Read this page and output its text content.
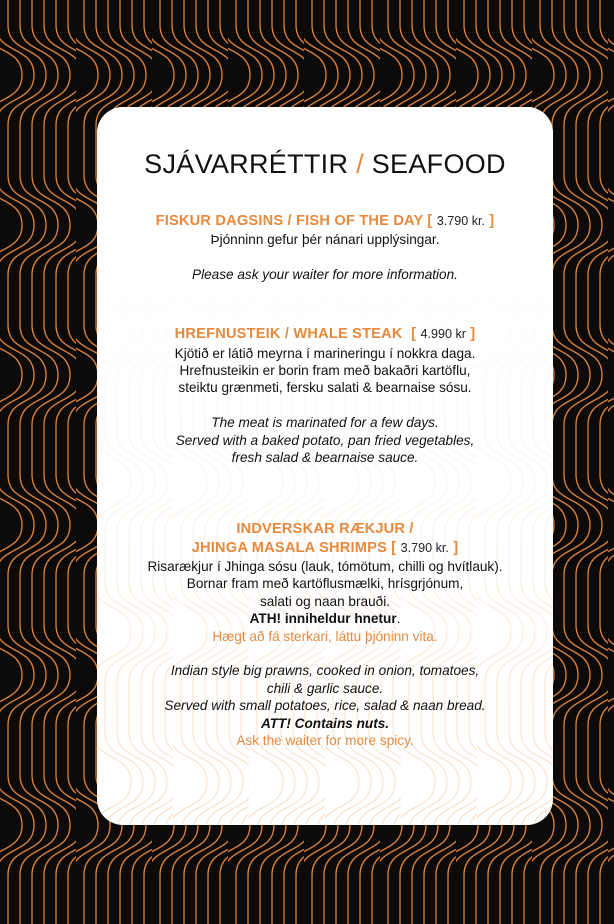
SJÁVARRÉTTIR / SEAFOOD
FISKUR DAGSINS / FISH OF THE DAY [ 3.790 kr. ]
Þjónninn gefur þér nánari upplýsingar.
Please ask your waiter for more information.
HREFNUSTEIK / WHALE STEAK [ 4.990 kr ]
Kjötið er látið meyrna í marineringu í nokkra daga.
Hrefnusteikin er borin fram með bakaðri kartöflu,
steiktu grænmeti, fersku salati & bearnaise sósu.
The meat is marinated for a few days.
Served with a baked potato, pan fried vegetables,
fresh salad & bearnaise sauce.
INDVERSKAR RÆKJUR /
JHINGA MASALA SHRIMPS [ 3.790 kr. ]
Risarækjur í Jhinga sósu (lauk, tómötum, chilli og hvítlauk).
Bornar fram með kartöflusmælki, hrísgrjónum,
salati og naan brauði.
ATH! inniheldur hnetur.
Hægt að fá sterkari, láttu þjóninn vita.
Indian style big prawns, cooked in onion, tomatoes,
chili & garlic sauce.
Served with small potatoes, rice, salad & naan bread.
ATT! Contains nuts.
Ask the waiter for more spicy.
